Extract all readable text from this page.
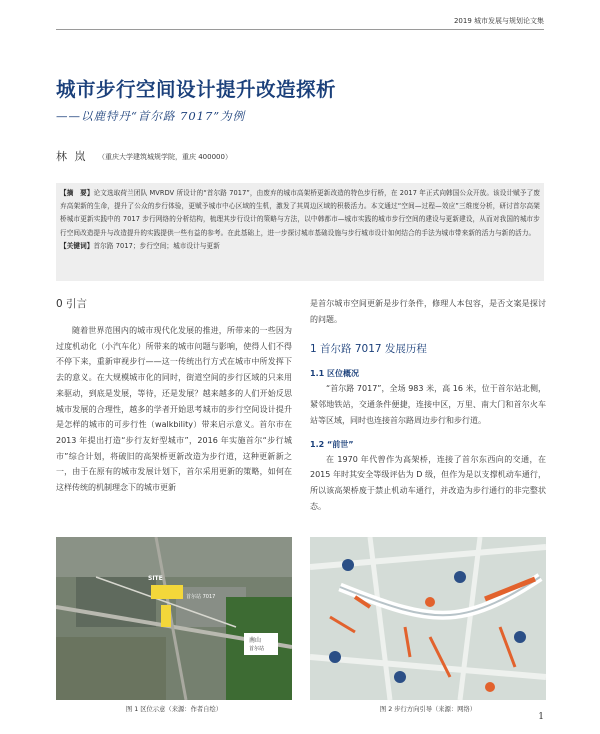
2019 城市发展与规划论文集
城市步行空间设计提升改造探析
——以鹿特丹“首尔路 7017”为例
林 岚 （重庆大学建筑城规学院，重庆 400000）

【摘　要】论文选取荷兰团队 MVRDV 所设计的“首尔路 7017”，由废弃的城市高架桥更新改造的特色步行桥，在 2017 年正式向韩国公众开放。该设计赋予了废弃高架新的生命，提升了公众的步行体验，更赋予城市中心区域的生机，激发了其周边区域的积极活力。本文通过“空间—过程—效应”三维度分析，研讨首尔高架桥城市更新实践中的 7017 步行网络的分析结构，梳理其步行设计的策略与方法，以中韩都市—城市实践的城市步行空间的建设与更新建设，从而对我国的城市步行空间改造提升与改造提升的实践提供一些有益的参考。在此基础上，进一步探讨城市基础设施与步行城市设计如何结合的手法为城市带来新的活力与新的活力。
【关键词】首尔路 7017；步行空间；城市设计与更新

0 引言

随着世界范围内的城市现代化发展的推进，所带来的一些因为过度机动化（小汽车化）所带来的城市问题与影响，使得人们不得不停下来，重新审视步行——这一传统出行方式在城市中所发挥下去的意义。在大规模城市化的同时，街道空间的步行区域的只来用来驱动，到底是发展，等待，还是发展？越来越多的人们开始反思城市发展的合理性，越多的学者开始思考城市的步行空间设计提升是怎样的城市的可步行性（walkbility）带来启示意义。首尔市在 2013 年提出打造“步行友好型城市”，2016 年实施首尔“步行城市”综合计划，将破旧的高架桥更新改造为步行道，这种更新新之一，由于在原有的城市发展计划下，首尔采用更新的策略，如何在这样传统的机制理念下的城市更新

是首尔城市空间更新是步行条件，修理人本包容，是否文案是探讨的问题。

1 首尔路 7017 发展历程
1.1 区位概况

“首尔路 7017”，全场 983 米，高 16 米，位于首尔站北侧，紧邻地铁站，交通条件便捷，连接中区，万里、南大门和首尔火车站等区域，同时也连接首尔路周边步行和步行道。

1.2 “前世”

在 1970 年代曾作为高架桥，连接了首尔东西向的交通，在 2015 年时其安全等级评估为 D 级，但作为是以支撑机动车通行，所以该高架桥废于禁止机动车通行，并改造为步行通行的非完整状态。

SITE
首尔站 7017
南山
首尔站
图 1 区位示意（来源：作者自绘）	图 2 步行方向引导（来源：网络）
1
